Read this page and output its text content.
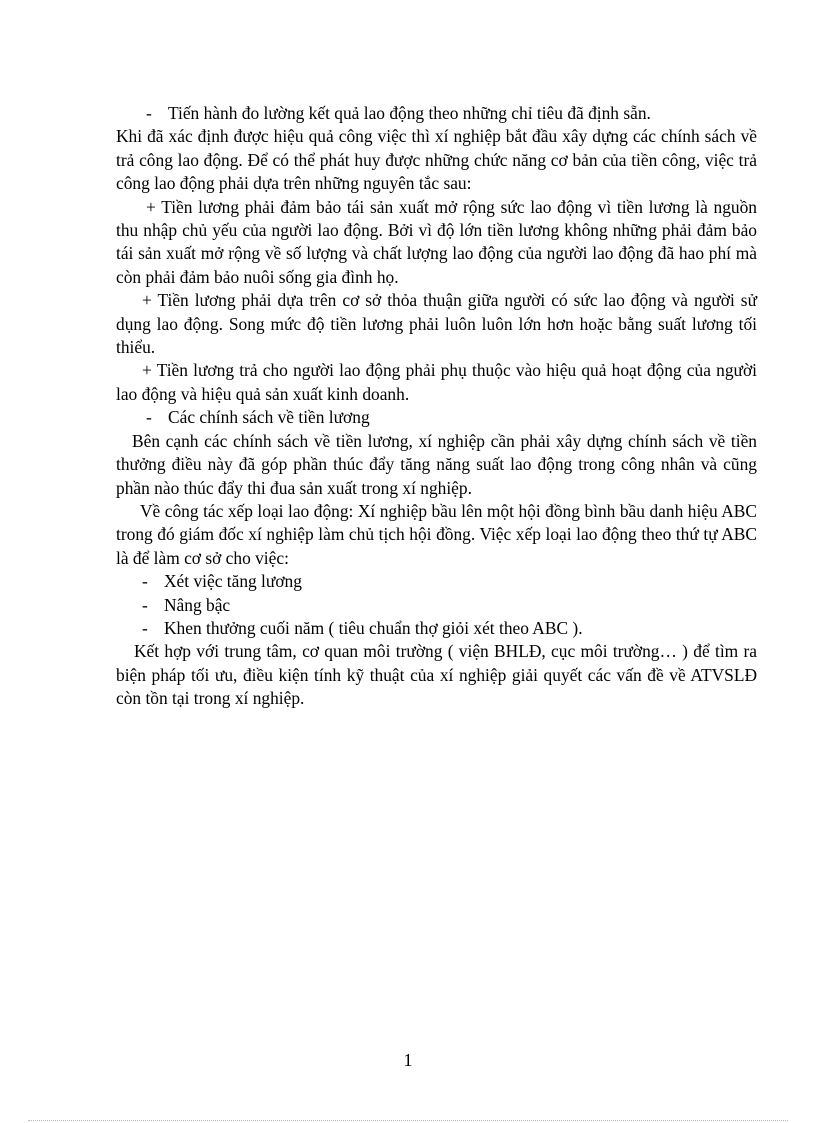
- Tiến hành đo lường kết quả lao động theo những chỉ tiêu đã định sẵn.

Khi đã xác định được hiệu quả công việc thì xí nghiệp bắt đầu xây dựng các chính sách về trả công lao động. Để có thể phát huy được những chức năng cơ bản của tiền công, việc trả công lao động phải dựa trên những nguyên tắc sau:

+ Tiền lương phải đảm bảo tái sản xuất mở rộng sức lao động vì tiền lương là nguồn thu nhập chủ yếu của người lao động. Bởi vì độ lớn tiền lương không những phải đảm bảo tái sản xuất mở rộng về số lượng và chất lượng lao động của người lao động đã hao phí mà còn phải đảm bảo nuôi sống gia đình họ.

+ Tiền lương phải dựa trên cơ sở thỏa thuận giữa người có sức lao động và người sử dụng lao động. Song mức độ tiền lương phải luôn luôn lớn hơn hoặc bằng suất lương tối thiểu.

+ Tiền lương trả cho người lao động phải phụ thuộc vào hiệu quả hoạt động của người lao động và hiệu quả sản xuất kinh doanh.

- Các chính sách về tiền lương

Bên cạnh các chính sách về tiền lương, xí nghiệp cần phải xây dựng chính sách về tiền thưởng điều này đã góp phần thúc đẩy tăng năng suất lao động trong công nhân và cũng phần nào thúc đẩy thi đua sản xuất trong xí nghiệp.

Về công tác xếp loại lao động: Xí nghiệp bầu lên một hội đồng bình bầu danh hiệu ABC trong đó giám đốc xí nghiệp làm chủ tịch hội đồng. Việc xếp loại lao động theo thứ tự ABC là để làm cơ sở cho việc:

- Xét việc tăng lương
- Nâng bậc
- Khen thưởng cuối năm ( tiêu chuẩn thợ giỏi xét theo ABC ).

Kết hợp với trung tâm, cơ quan môi trường ( viện BHLĐ, cục môi trường… ) để tìm ra biện pháp tối ưu, điều kiện tính kỹ thuật của xí nghiệp giải quyết các vấn đề về ATVSLĐ còn tồn tại trong xí nghiệp.

1
